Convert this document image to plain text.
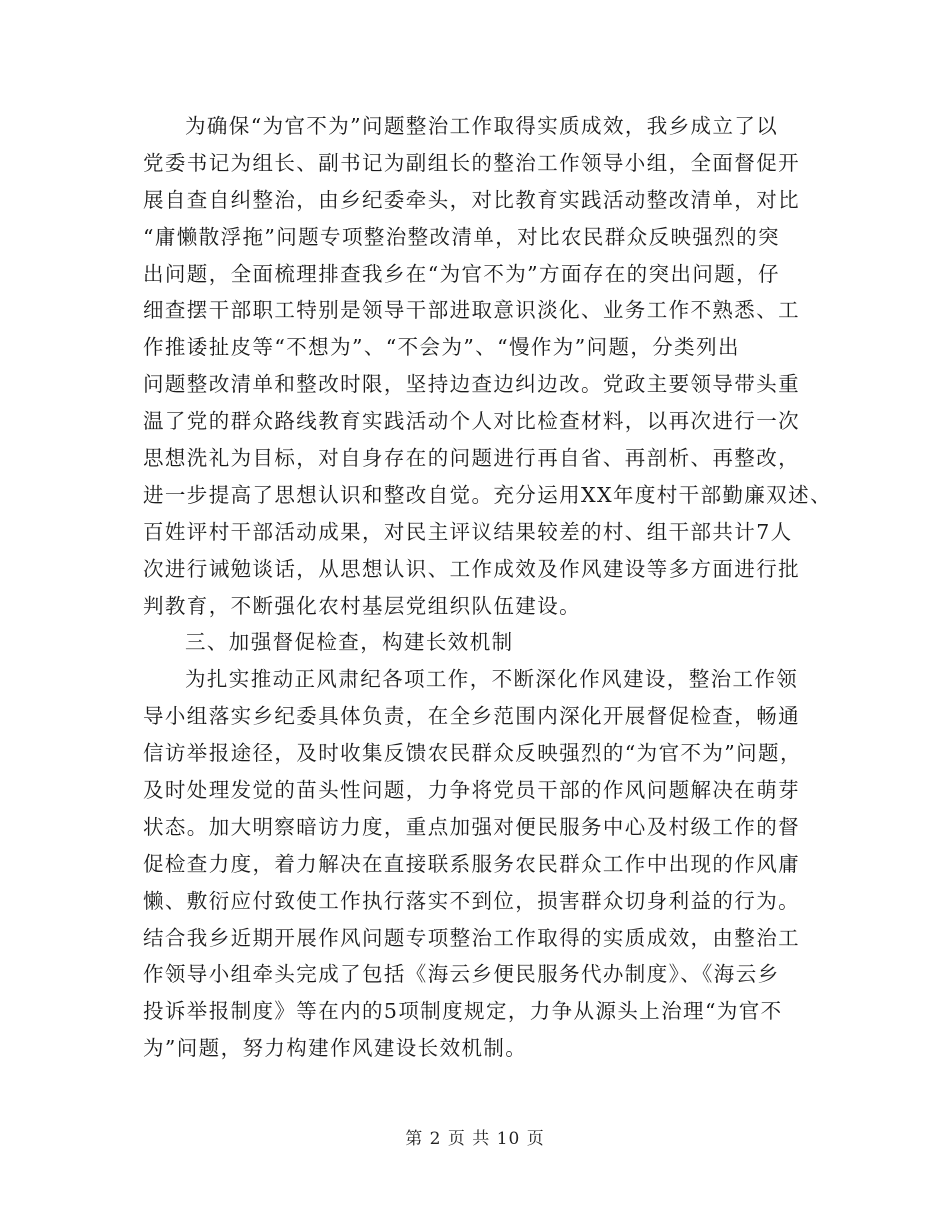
为确保“为官不为”问题整治工作取得实质成效，我乡成立了以
党委书记为组长、副书记为副组长的整治工作领导小组，全面督促开
展自查自纠整治，由乡纪委牵头，对比教育实践活动整改清单，对比
“庸懒散浮拖”问题专项整治整改清单，对比农民群众反映强烈的突
出问题，全面梳理排查我乡在“为官不为”方面存在的突出问题，仔
细查摆干部职工特别是领导干部进取意识淡化、业务工作不熟悉、工
作推诿扯皮等“不想为”、“不会为”、“慢作为”问题，分类列出
问题整改清单和整改时限，坚持边查边纠边改。党政主要领导带头重
温了党的群众路线教育实践活动个人对比检查材料，以再次进行一次
思想洗礼为目标，对自身存在的问题进行再自省、再剖析、再整改，
进一步提高了思想认识和整改自觉。充分运用XX年度村干部勤廉双述、
百姓评村干部活动成果，对民主评议结果较差的村、组干部共计7人
次进行诫勉谈话，从思想认识、工作成效及作风建设等多方面进行批
判教育，不断强化农村基层党组织队伍建设。
三、加强督促检查，构建长效机制
为扎实推动正风肃纪各项工作，不断深化作风建设，整治工作领
导小组落实乡纪委具体负责，在全乡范围内深化开展督促检查，畅通
信访举报途径，及时收集反馈农民群众反映强烈的“为官不为”问题，
及时处理发觉的苗头性问题，力争将党员干部的作风问题解决在萌芽
状态。加大明察暗访力度，重点加强对便民服务中心及村级工作的督
促检查力度，着力解决在直接联系服务农民群众工作中出现的作风庸
懒、敷衍应付致使工作执行落实不到位，损害群众切身利益的行为。
结合我乡近期开展作风问题专项整治工作取得的实质成效，由整治工
作领导小组牵头完成了包括《海云乡便民服务代办制度》、《海云乡
投诉举报制度》等在内的5项制度规定，力争从源头上治理“为官不
为”问题，努力构建作风建设长效机制。
第 2 页 共 10 页
